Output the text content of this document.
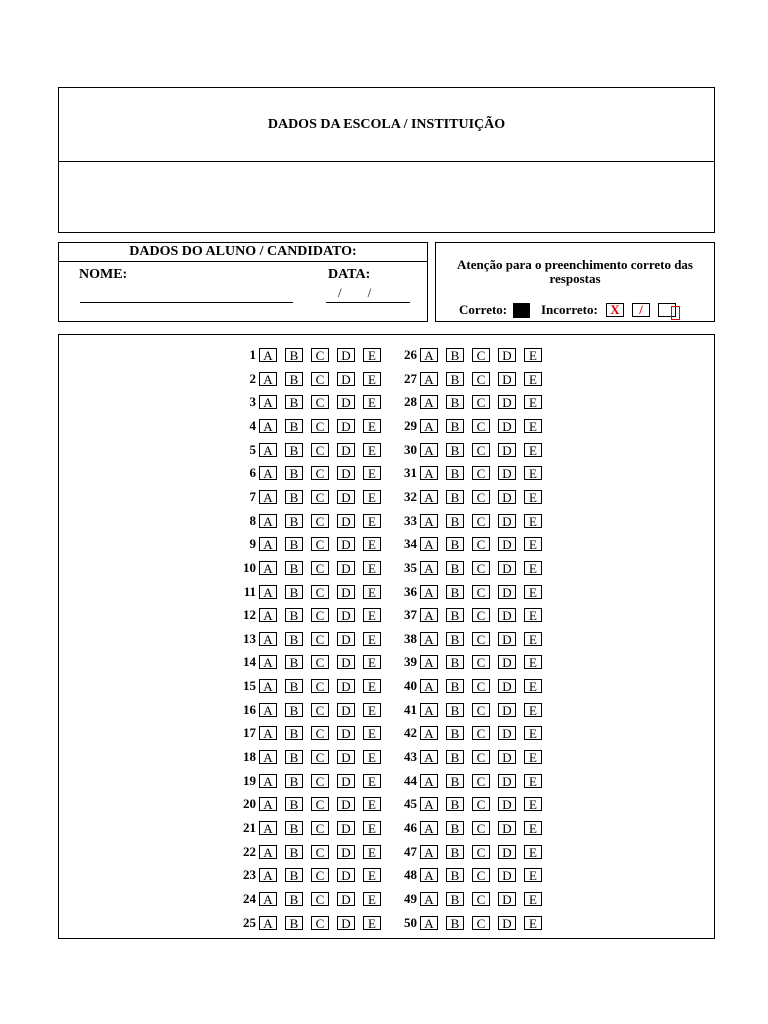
DADOS DA ESCOLA / INSTITUIÇÃO
DADOS DO ALUNO / CANDIDATO:
NOME:	DATA:
/        /
Atenção para o preenchimento correto das respostas
Correto:	Incorreto: X	/
1 A	B	C	D	E
2 A	B	C	D	E
3 A	B	C	D	E
4 A	B	C	D	E
5 A	B	C	D	E
6 A	B	C	D	E
7 A	B	C	D	E
8 A	B	C	D	E
9 A	B	C	D	E
10 A	B	C	D	E
11 A	B	C	D	E
12 A	B	C	D	E
13 A	B	C	D	E
14 A	B	C	D	E
15 A	B	C	D	E
16 A	B	C	D	E
17 A	B	C	D	E
18 A	B	C	D	E
19 A	B	C	D	E
20 A	B	C	D	E
21 A	B	C	D	E
22 A	B	C	D	E
23 A	B	C	D	E
24 A	B	C	D	E
25 A	B	C	D	E
26 A	B	C	D	E
27 A	B	C	D	E
28 A	B	C	D	E
29 A	B	C	D	E
30 A	B	C	D	E
31 A	B	C	D	E
32 A	B	C	D	E
33 A	B	C	D	E
34 A	B	C	D	E
35 A	B	C	D	E
36 A	B	C	D	E
37 A	B	C	D	E
38 A	B	C	D	E
39 A	B	C	D	E
40 A	B	C	D	E
41 A	B	C	D	E
42 A	B	C	D	E
43 A	B	C	D	E
44 A	B	C	D	E
45 A	B	C	D	E
46 A	B	C	D	E
47 A	B	C	D	E
48 A	B	C	D	E
49 A	B	C	D	E
50 A	B	C	D	E
